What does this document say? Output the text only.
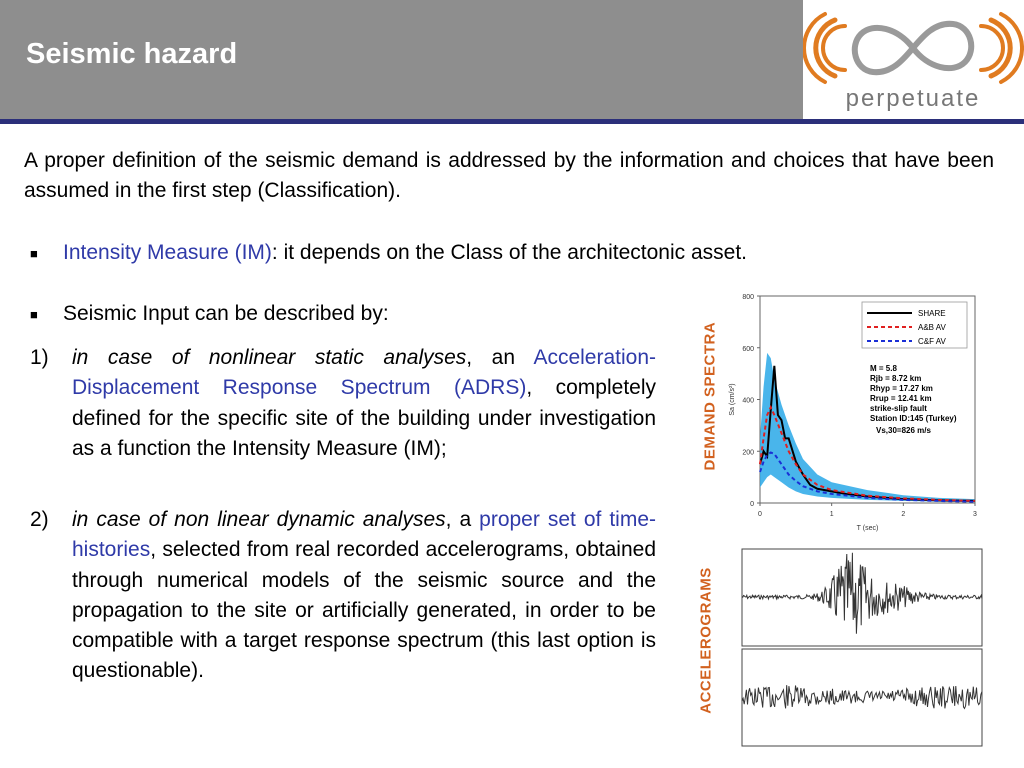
Seismic hazard
perpetuate
A proper definition of the seismic demand is addressed by the information and choices that have been assumed in the first step (Classification).
■ Intensity Measure (IM): it depends on the Class of the architectonic asset.
■ Seismic Input can be described by:
1) in case of nonlinear static analyses, an Acceleration-Displacement Response Spectrum (ADRS), completely defined for the specific site of the building under investigation as a function the Intensity Measure (IM);
2) in case of non linear dynamic analyses, a proper set of time-histories, selected from real recorded accelerograms, obtained through numerical models of the seismic source and the propagation to the site or artificially generated, in order to be compatible with a target response spectrum (this last option is questionable).
DEMAND SPECTRA
ACCELEROGRAMS
0
200
400
600
800
0	1	2	3
T (sec)
Sa (cm/s²)
SHARE
A&B AV
C&F AV
M = 5.8
Rjb = 8.72 km
Rhyp = 17.27 km
Rrup = 12.41 km
strike-slip fault
Station ID:145 (Turkey)
Vs,30=826 m/s
